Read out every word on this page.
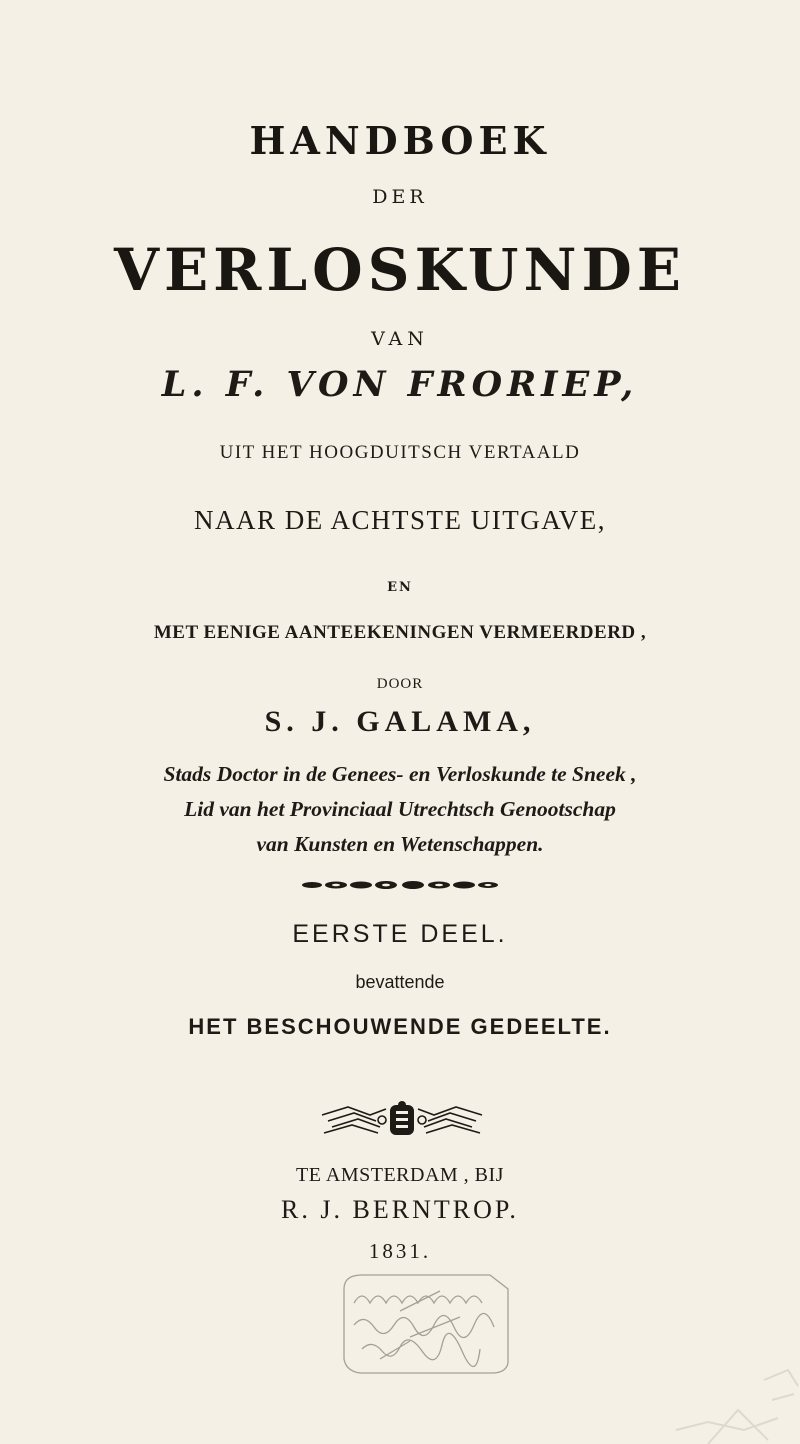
HANDBOEK
DER
VERLOSKUNDE
VAN
L. F. VON FRORIEP,
UIT HET HOOGDUITSCH VERTAALD
NAAR DE ACHTSTE UITGAVE,
EN
MET EENIGE AANTEEKENINGEN VERMEERDERD ,
DOOR
S. J. GALAMA,
Stads Doctor in de Genees- en Verloskunde te Sneek ,
Lid van het Provinciaal Utrechtsch Genootschap
van Kunsten en Wetenschappen.
EERSTE DEEL.
bevattende
HET BESCHOUWENDE GEDEELTE.
TE AMSTERDAM , BIJ
R. J. BERNTROP.
1831.
